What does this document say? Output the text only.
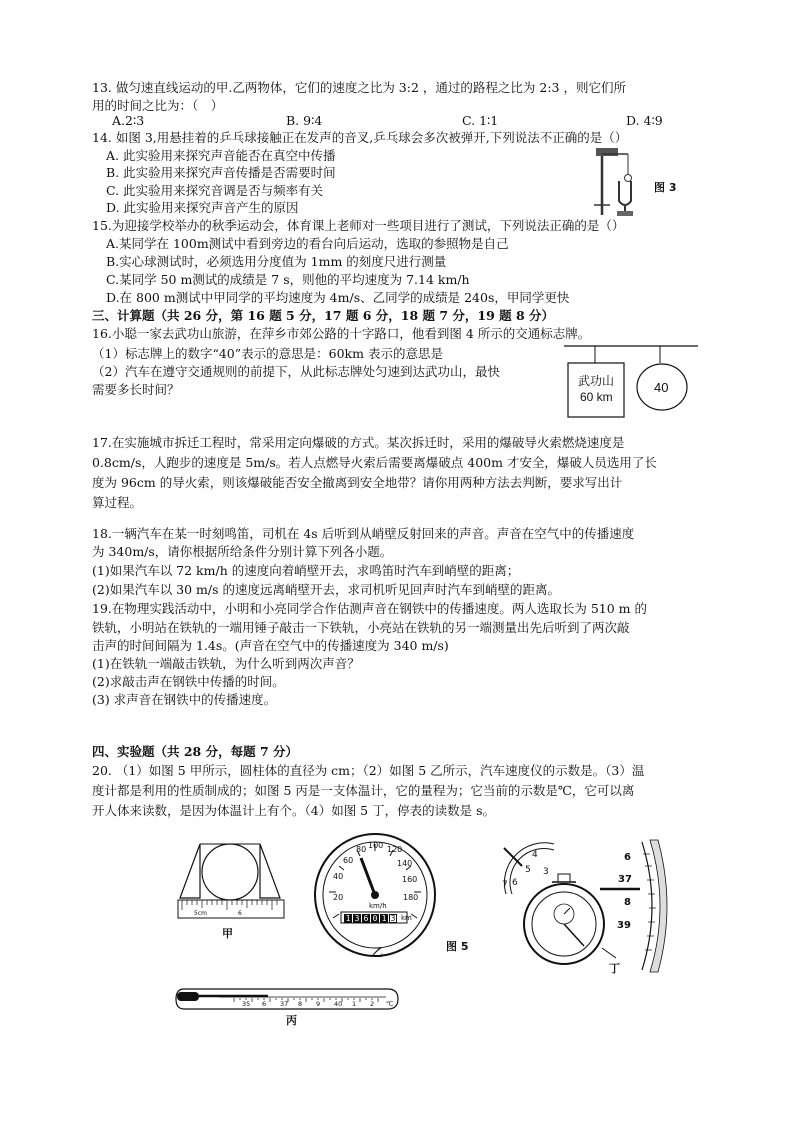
13. 做匀速直线运动的甲.乙两物体，它们的速度之比为 3:2 ，通过的路程之比为 2:3 ，则它们所

用的时间之比为：（　）

A.2∶3	B. 9∶4	C. 1∶1	D. 4∶9

14. 如图 3,用悬挂着的乒乓球接触正在发声的音叉,乒乓球会多次被弹开,下列说法不正确的是（）

A. 此实验用来探究声音能否在真空中传播

B. 此实验用来探究声音传播是否需要时间

C. 此实验用来探究音调是否与频率有关

D. 此实验用来探究声音产生的原因

图 3

15.为迎接学校举办的秋季运动会，体育课上老师对一些项目进行了测试，下列说法正确的是（）

A.某同学在 100m测试中看到旁边的看台向后运动，选取的参照物是自己

B.实心球测试时，必须选用分度值为 1mm 的刻度尺进行测量

C.某同学 50 m测试的成绩是 7 s，则他的平均速度为 7.14 km/h

D.在 800 m测试中甲同学的平均速度为 4m/s、乙同学的成绩是 240s，甲同学更快

三、计算题（共 26 分，第 16 题 5 分，17 题 6 分，18 题 7 分，19 题 8 分）

16.小聪一家去武功山旅游，在萍乡市郊公路的十字路口，他看到图 4 所示的交通标志牌。

（1）标志牌上的数字“40”表示的意思是：60km 表示的意思是

（2）汽车在遵守交通规则的前提下，从此标志牌处匀速到达武功山，最快

需要多长时间？

武功山
60 km
40

17.在实施城市拆迁工程时，常采用定向爆破的方式。某次拆迁时，采用的爆破导火索燃烧速度是

0.8cm/s，人跑步的速度是 5m/s。若人点燃导火索后需要离爆破点 400m 才安全，爆破人员选用了长

度为 96cm 的导火索，则该爆破能否安全撤离到安全地带？请你用两种方法去判断，要求写出计

算过程。

18.一辆汽车在某一时刻鸣笛，司机在 4s 后听到从峭壁反射回来的声音。声音在空气中的传播速度

为 340m/s，请你根据所给条件分别计算下列各小题。

(1)如果汽车以 72 km/h 的速度向着峭壁开去，求鸣笛时汽车到峭壁的距离；

(2)如果汽车以 30 m/s 的速度远离峭壁开去，求司机听见回声时汽车到峭壁的距离。

19.在物理实践活动中，小明和小亮同学合作估测声音在钢铁中的传播速度。两人选取长为 510 m 的

铁轨，小明站在铁轨的一端用锤子敲击一下铁轨，小亮站在铁轨的另一端测量出先后听到了两次敲

击声的时间间隔为 1.4s。(声音在空气中的传播速度为 340 m/s)

(1)在铁轨一端敲击铁轨，为什么听到两次声音？

(2)求敲击声在钢铁中传播的时间。

(3) 求声音在钢铁中的传播速度。

四、实验题（共 28 分，每题 7 分）

20. （1）如图 5 甲所示，圆柱体的直径为 cm；（2）如图 5 乙所示，汽车速度仪的示数是。（3）温

度计都是利用的性质制成的；如图 5 丙是一支体温计，它的量程为；它当前的示数是℃，它可以离

开人体来读数，是因为体温计上有个。（4）如图 5 丁，停表的读数是 s。

5cm	6
甲
20
40
60
80 100 120
140
160
180
km/h
1 3 6 0 1 3 km
乙	图 5
35 6 37 8 9 40 1 2 ℃
丙
4
3
5
6
7
6
37
8
39
丁
